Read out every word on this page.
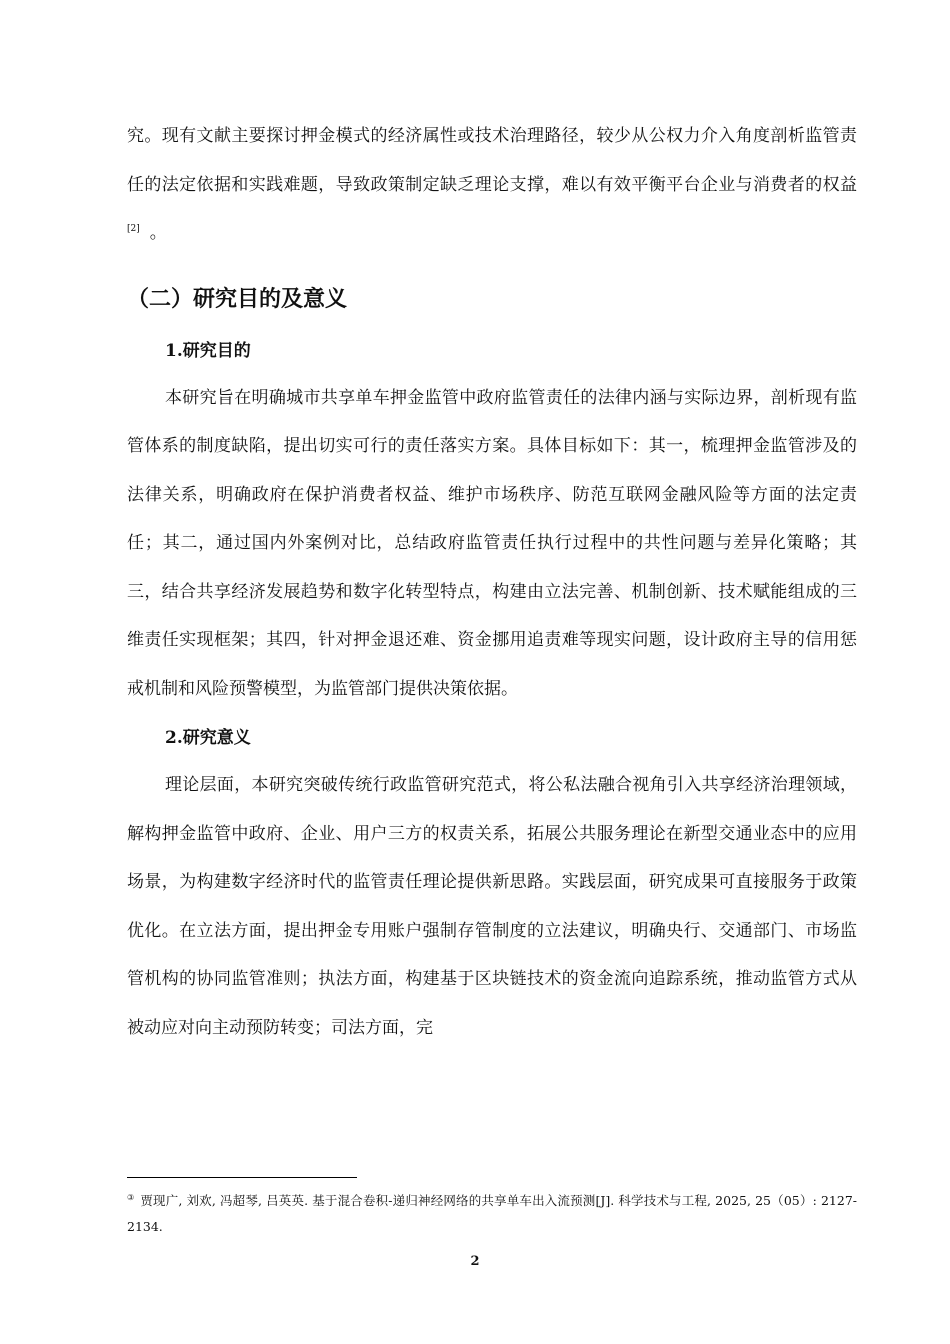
究。现有文献主要探讨押金模式的经济属性或技术治理路径，较少从公权力介入角度剖析监管责任的法定依据和实践难题，导致政策制定缺乏理论支撑，难以有效平衡平台企业与消费者的权益[2] 。

（二）研究目的及意义
1.研究目的

本研究旨在明确城市共享单车押金监管中政府监管责任的法律内涵与实际边界，剖析现有监管体系的制度缺陷，提出切实可行的责任落实方案。具体目标如下：其一，梳理押金监管涉及的法律关系，明确政府在保护消费者权益、维护市场秩序、防范互联网金融风险等方面的法定责任；其二，通过国内外案例对比，总结政府监管责任执行过程中的共性问题与差异化策略；其三，结合共享经济发展趋势和数字化转型特点，构建由立法完善、机制创新、技术赋能组成的三维责任实现框架；其四，针对押金退还难、资金挪用追责难等现实问题，设计政府主导的信用惩戒机制和风险预警模型，为监管部门提供决策依据。

2.研究意义

理论层面，本研究突破传统行政监管研究范式，将公私法融合视角引入共享经济治理领域，解构押金监管中政府、企业、用户三方的权责关系，拓展公共服务理论在新型交通业态中的应用场景，为构建数字经济时代的监管责任理论提供新思路。实践层面，研究成果可直接服务于政策优化。在立法方面，提出押金专用账户强制存管制度的立法建议，明确央行、交通部门、市场监管机构的协同监管准则；执法方面，构建基于区块链技术的资金流向追踪系统，推动监管方式从被动应对向主动预防转变；司法方面，完

③ 贾现广, 刘欢, 冯超琴, 吕英英. 基于混合卷积-递归神经网络的共享单车出入流预测[J]. 科学技术与工程, 2025, 25（05）: 2127-2134.
2
